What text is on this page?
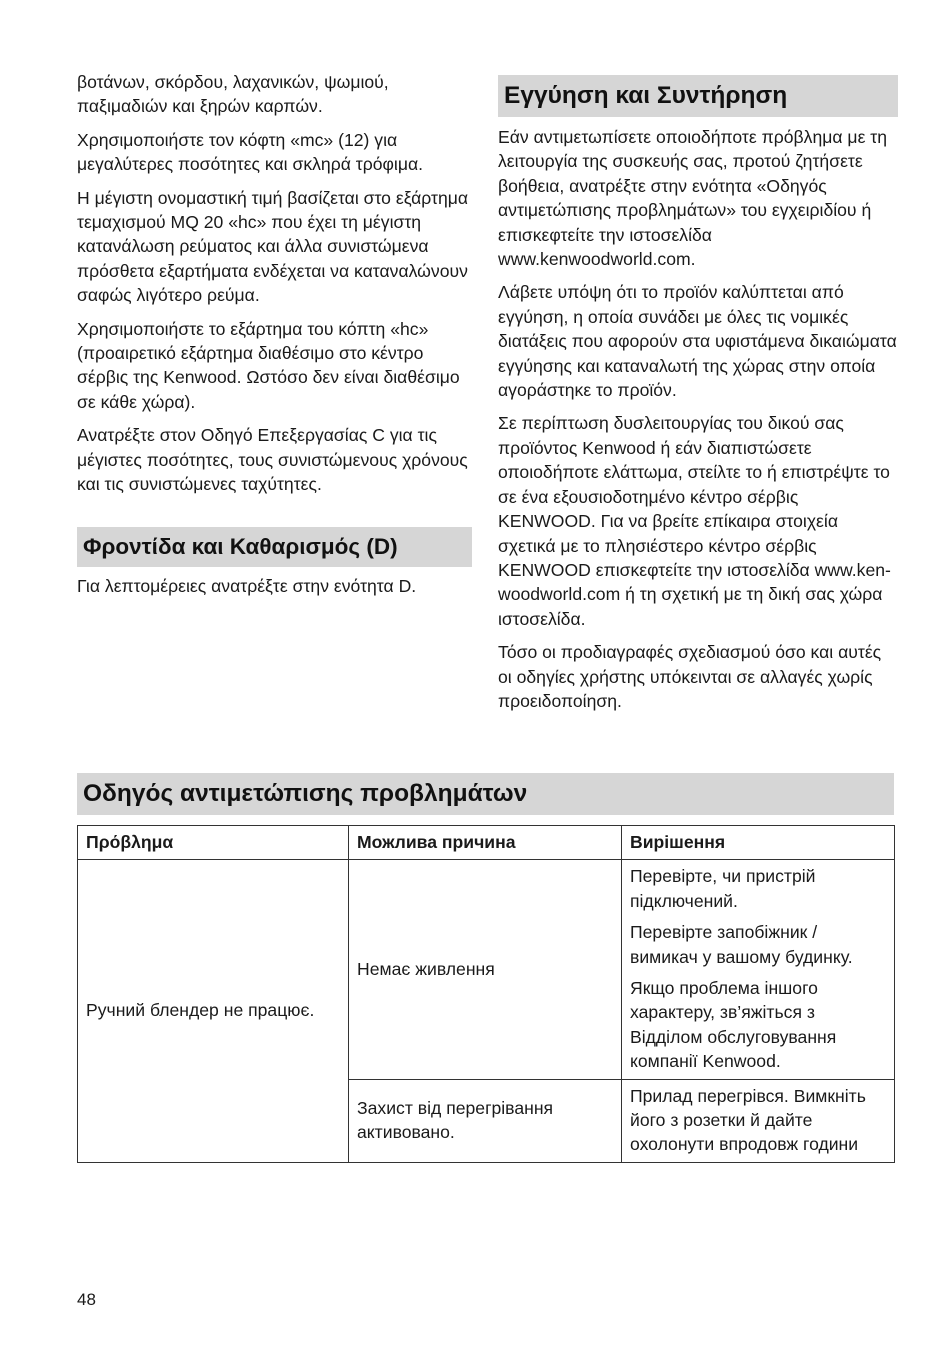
βοτάνων, σκόρδου, λαχανικών, ψωμιού, παξιμαδιών και ξηρών καρπών.

Χρησιμοποιήστε τον κόφτη «mc» (12) για μεγαλύτερες ποσότητες και σκληρά τρόφιμα.

Η μέγιστη ονομαστική τιμή βασίζεται στο εξάρτημα τεμαχισμού MQ 20 «hc» που έχει τη μέγιστη κατανάλωση ρεύματος και άλλα συνιστώμενα πρόσθετα εξαρτήματα ενδέχεται να καταναλώνουν σαφώς λιγότερο ρεύμα.

Χρησιμοποιήστε το εξάρτημα του κόπτη «hc» (προαιρετικό εξάρτημα διαθέσιμο στο κέντρο σέρβις της Kenwood. Ωστόσο δεν είναι διαθέσιμο σε κάθε χώρα).

Ανατρέξτε στον Οδηγό Επεξεργασίας C για τις μέγιστες ποσότητες, τους συνιστώμενους χρόνους και τις συνιστώμενες ταχύτητες.

Φροντίδα και Καθαρισμός (D)

Για λεπτομέρειες ανατρέξτε στην ενότητα D.

Εγγύηση και Συντήρηση

Εάν αντιμετωπίσετε οποιοδήποτε πρόβλημα με τη λειτουργία της συσκευής σας, προτού ζητήσετε βοήθεια, ανατρέξτε στην ενότητα «Οδηγός αντιμετώπισης προβλημάτων» του εγχειριδίου ή επισκεφτείτε την ιστοσελίδα www.kenwoodworld.com.

Λάβετε υπόψη ότι το προϊόν καλύπτεται από εγγύηση, η οποία συνάδει με όλες τις νομικές διατάξεις που αφορούν στα υφιστάμενα δικαιώματα εγγύησης και καταναλωτή της χώρας στην οποία αγοράστηκε το προϊόν.

Σε περίπτωση δυσλειτουργίας του δικού σας προϊόντος Kenwood ή εάν διαπιστώσετε οποιοδήποτε ελάττωμα, στείλτε το ή επιστρέψτε το σε ένα εξουσιοδοτημένο κέντρο σέρβις KENWOOD. Για να βρείτε επίκαιρα στοιχεία σχετικά με το πλησιέστερο κέντρο σέρβις KENWOOD επισκεφτείτε την ιστοσελίδα www.ken-woodworld.com ή τη σχετική με τη δική σας χώρα ιστοσελίδα.

Τόσο οι προδιαγραφές σχεδιασμού όσο και αυτές οι οδηγίες χρήστης υπόκεινται σε αλλαγές χωρίς προειδοποίηση.

Οδηγός αντιμετώπισης προβλημάτων
Πρόβλημα	Можлива причина	Вирішення
Ручний блендер не працює.	Немає живлення	Перевірте, чи пристрій підключений.

Перевірте запобіжник / вимикач у вашому будинку.

Якщо проблема іншого характеру, зв’яжіться з Відділом обслуговування компанії Kenwood.

	Захист від перегрівання активовано.	Прилад перегрівся. Вимкніть його з розетки й дайте охолонути впродовж години

48
